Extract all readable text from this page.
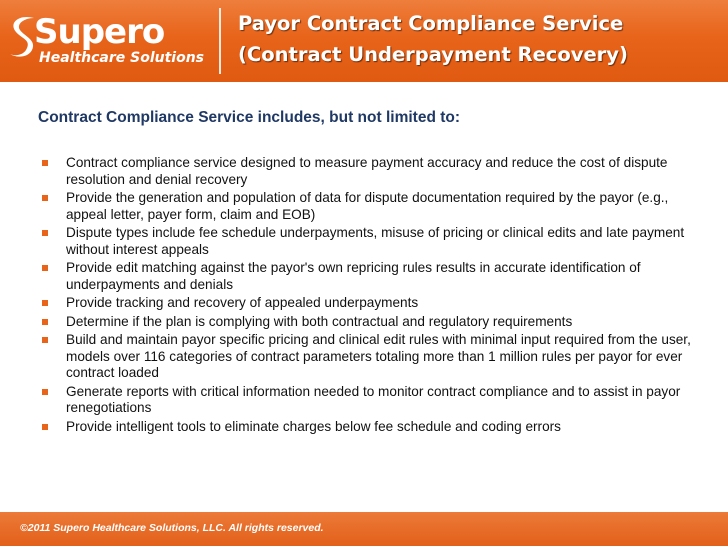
Supero
Healthcare Solutions
Payor Contract Compliance Service
(Contract Underpayment Recovery)
Contract Compliance Service includes, but not limited to:
Contract compliance service designed to measure payment accuracy and reduce the cost of dispute resolution and denial recovery
Provide the generation and population of data for dispute documentation required by the payor (e.g., appeal letter, payer form, claim and EOB)
Dispute types include fee schedule underpayments, misuse of pricing or clinical edits and late payment without interest appeals
Provide edit matching against the payor's own repricing rules results in accurate identification of underpayments and denials
Provide tracking and recovery of appealed underpayments
Determine if the plan is complying with both contractual and regulatory requirements
Build and maintain payor specific pricing and clinical edit rules with minimal input required from the user, models over 116 categories of contract parameters totaling more than 1 million rules per payor for ever contract loaded
Generate reports with critical information needed to monitor contract compliance and to assist in payor renegotiations
Provide intelligent tools to eliminate charges below fee schedule and coding errors
©2011 Supero Healthcare Solutions, LLC. All rights reserved.
